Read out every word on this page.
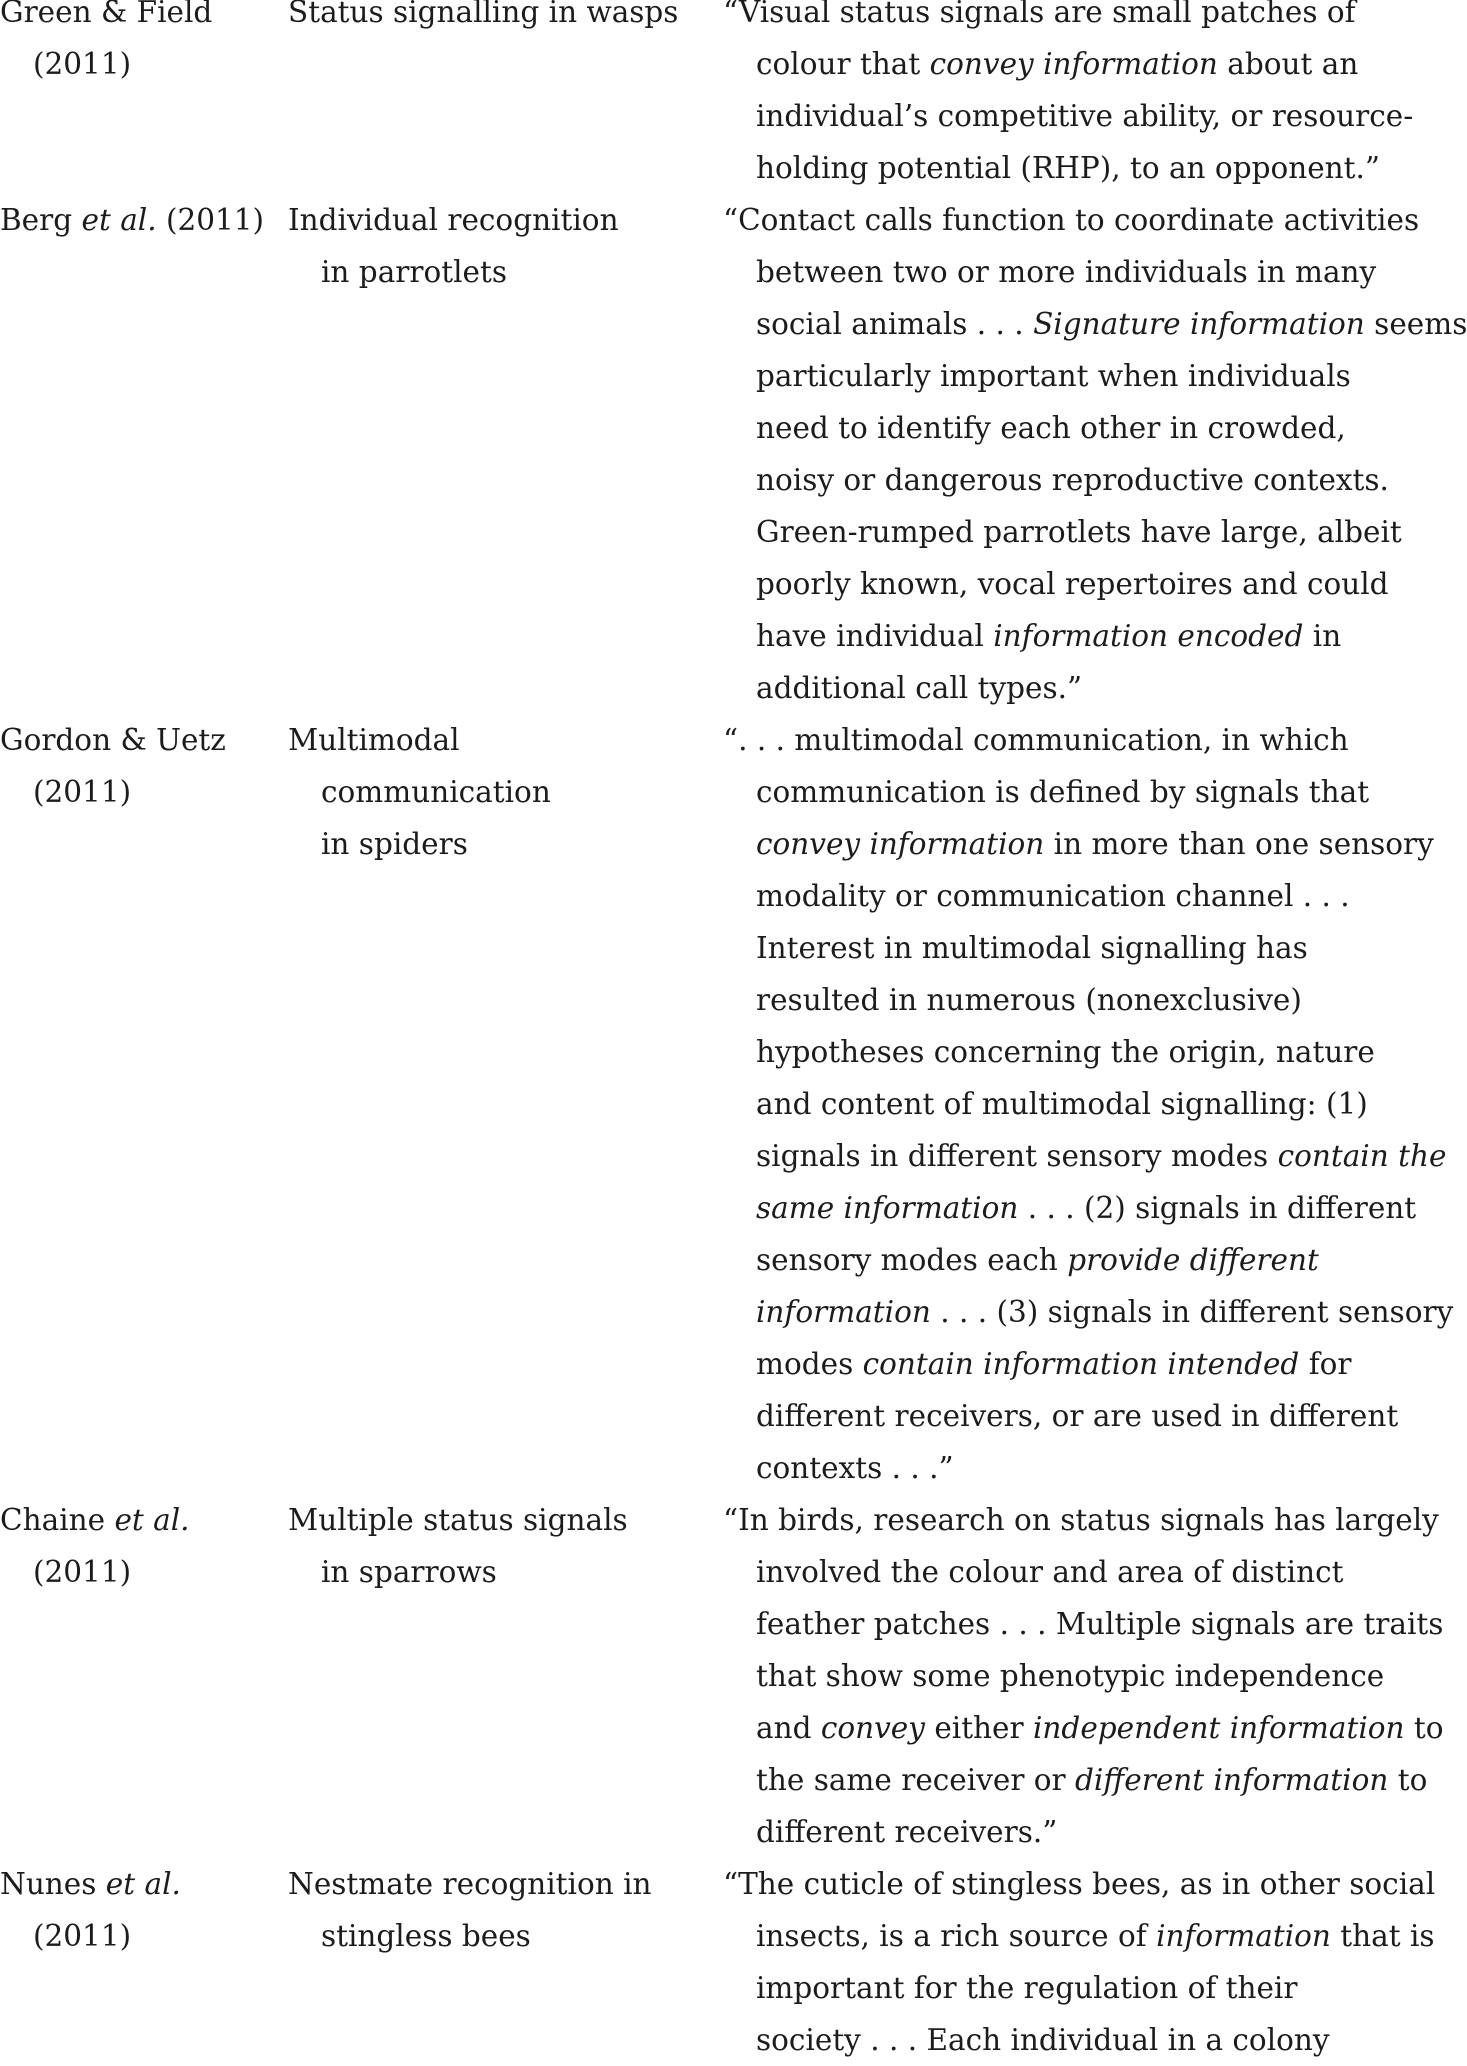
Green & Field
(2011)
Status signalling in wasps	“Visual status signals are small patches of
colour that convey information about an
individual’s competitive ability, or resource-
holding potential (RHP), to an opponent.”
Berg et al. (2011) Individual recognition
in parrotlets
“Contact calls function to coordinate activities
between two or more individuals in many
social animals . . . Signature information seems
particularly important when individuals
need to identify each other in crowded,
noisy or dangerous reproductive contexts.
Green-rumped parrotlets have large, albeit
poorly known, vocal repertoires and could
have individual information encoded in
additional call types.”
Gordon & Uetz
(2011)
Multimodal
communication
in spiders
“. . . multimodal communication, in which
communication is defined by signals that
convey information in more than one sensory
modality or communication channel . . .
Interest in multimodal signalling has
resulted in numerous (nonexclusive)
hypotheses concerning the origin, nature
and content of multimodal signalling: (1)
signals in different sensory modes contain the
same information . . . (2) signals in different
sensory modes each provide different
information . . . (3) signals in different sensory
modes contain information intended for
different receivers, or are used in different
contexts . . .”
Chaine et al.
(2011)
Multiple status signals
in sparrows
“In birds, research on status signals has largely
involved the colour and area of distinct
feather patches . . . Multiple signals are traits
that show some phenotypic independence
and convey either independent information to
the same receiver or different information to
different receivers.”
Nunes et al.
(2011)
Nestmate recognition in
stingless bees
“The cuticle of stingless bees, as in other social
insects, is a rich source of information that is
important for the regulation of their
society . . . Each individual in a colony
